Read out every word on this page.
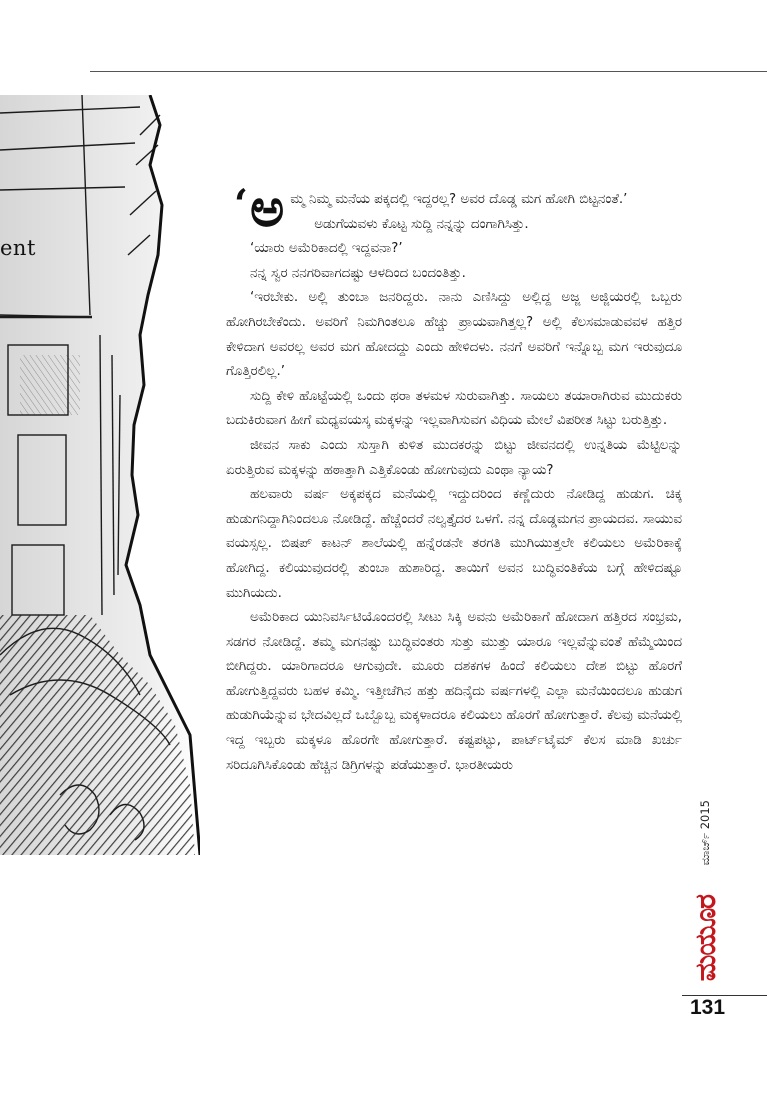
ent

‘ ಅ ಮ್ಮ ನಿಮ್ಮ ಮನೆಯ ಪಕ್ಕದಲ್ಲಿ ಇದ್ದರಲ್ಲ? ಅವರ ದೊಡ್ಡ ಮಗ ಹೋಗಿ ಬಿಟ್ಟನಂತೆ.’

ಅಡುಗೆಯವಳು ಕೊಟ್ಟ ಸುದ್ದಿ ನನ್ನನ್ನು ದಂಗಾಗಿಸಿತ್ತು.

‘ಯಾರು ಅಮೆರಿಕಾದಲ್ಲಿ ಇದ್ದವನಾ?’

ನನ್ನ ಸ್ವರ ನನಗರಿವಾಗದಷ್ಟು ಆಳದಿಂದ ಬಂದಂತಿತ್ತು.

‘ಇರಬೇಕು. ಅಲ್ಲಿ ತುಂಬಾ ಜನರಿದ್ದರು. ನಾನು ಎಣಿಸಿದ್ದು ಅಲ್ಲಿದ್ದ ಅಜ್ಜ ಅಜ್ಜಿಯರಲ್ಲಿ ಒಬ್ಬರು ಹೋಗಿರಬೇಕೆಂದು. ಅವರಿಗೆ ನಿಮಗಿಂತಲೂ ಹೆಚ್ಚು ಪ್ರಾಯವಾಗಿತ್ತಲ್ಲ? ಅಲ್ಲಿ ಕೆಲಸಮಾಡುವವಳ ಹತ್ತಿರ ಕೇಳಿದಾಗ ಅವರಲ್ಲ ಅವರ ಮಗ ಹೋದದ್ದು ಎಂದು ಹೇಳಿದಳು. ನನಗೆ ಅವರಿಗೆ ಇನ್ನೊಬ್ಬ ಮಗ ಇರುವುದೂ ಗೊತ್ತಿರಲಿಲ್ಲ.’

ಸುದ್ದಿ ಕೇಳಿ ಹೊಟ್ಟೆಯಲ್ಲಿ ಒಂದು ಥರಾ ತಳಮಳ ಸುರುವಾಗಿತ್ತು. ಸಾಯಲು ತಯಾರಾಗಿರುವ ಮುದುಕರು ಬದುಕಿರುವಾಗ ಹೀಗೆ ಮಧ್ಯವಯಸ್ಕ ಮಕ್ಕಳನ್ನು ಇಲ್ಲವಾಗಿಸುವಗ ವಿಧಿಯ ಮೇಲೆ ವಿಪರೀತ ಸಿಟ್ಟು ಬರುತ್ತಿತ್ತು.

ಜೀವನ ಸಾಕು ಎಂದು ಸುಸ್ತಾಗಿ ಕುಳಿತ ಮುದಕರನ್ನು ಬಿಟ್ಟು ಜೀವನದಲ್ಲಿ ಉನ್ನತಿಯ ಮೆಟ್ಟಿಲನ್ನು ಏರುತ್ತಿರುವ ಮಕ್ಕಳನ್ನು ಹಠಾತ್ತಾಗಿ ಎತ್ತಿಕೊಂಡು ಹೋಗುವುದು ಎಂಥಾ ನ್ಯಾಯ?

ಹಲವಾರು ವರ್ಷ ಅಕ್ಕಪಕ್ಕದ ಮನೆಯಲ್ಲಿ ಇದ್ದುದರಿಂದ ಕಣ್ಣೆದುರು ನೋಡಿದ್ದ ಹುಡುಗ. ಚಿಕ್ಕ ಹುಡುಗನಿದ್ದಾಗಿನಿಂದಲೂ ನೋಡಿದ್ದೆ. ಹೆಚ್ಚೆಂದರೆ ನಲ್ವತ್ತೈದರ ಒಳಗೆ. ನನ್ನ ದೊಡ್ಡಮಗನ ಪ್ರಾಯದವ. ಸಾಯುವ ವಯಸ್ಸಲ್ಲ. ಬಿಷಪ್ ಕಾಟನ್ ಶಾಲೆಯಲ್ಲಿ ಹನ್ನೆರಡನೇ ತರಗತಿ ಮುಗಿಯುತ್ತಲೇ ಕಲಿಯಲು ಅಮೆರಿಕಾಕ್ಕೆ ಹೋಗಿದ್ದ. ಕಲಿಯುವುದರಲ್ಲಿ ತುಂಬಾ ಹುಶಾರಿದ್ದ. ತಾಯಿಗೆ ಅವನ ಬುದ್ಧಿವಂತಿಕೆಯ ಬಗ್ಗೆ ಹೇಳಿದಷ್ಟೂ ಮುಗಿಯದು.

ಅಮೆರಿಕಾದ ಯುನಿವರ್ಸಿಟಿಯೊಂದರಲ್ಲಿ ಸೀಟು ಸಿಕ್ಕಿ ಅವನು ಅಮೆರಿಕಾಗೆ ಹೋದಾಗ ಹತ್ತಿರದ ಸಂಭ್ರಮ, ಸಡಗರ ನೋಡಿದ್ದೆ. ತಮ್ಮ ಮಗನಷ್ಟು ಬುದ್ಧಿವಂತರು ಸುತ್ತು ಮುತ್ತು ಯಾರೂ ಇಲ್ಲವೆನ್ನುವಂತೆ ಹೆಮ್ಮೆಯಿಂದ ಬೀಗಿದ್ದರು. ಯಾರಿಗಾದರೂ ಆಗುವುದೇ. ಮೂರು ದಶಕಗಳ ಹಿಂದೆ ಕಲಿಯಲು ದೇಶ ಬಿಟ್ಟು ಹೊರಗೆ ಹೋಗುತ್ತಿದ್ದವರು ಬಹಳ ಕಮ್ಮಿ. ಇತ್ತೀಚೆಗಿನ ಹತ್ತು ಹದಿನೈದು ವರ್ಷಗಳಲ್ಲಿ ಎಲ್ಲಾ ಮನೆಯಿಂದಲೂ ಹುಡುಗ ಹುಡುಗಿಯೆನ್ನುವ ಭೇದವಿಲ್ಲದೆ ಒಬ್ಬೊಬ್ಬ ಮಕ್ಕಳಾದರೂ ಕಲಿಯಲು ಹೊರಗೆ ಹೋಗುತ್ತಾರೆ. ಕೆಲವು ಮನೆಯಲ್ಲಿ ಇದ್ದ ಇಬ್ಬರು ಮಕ್ಕಳೂ ಹೊರಗೇ ಹೋಗುತ್ತಾರೆ. ಕಷ್ಟಪಟ್ಟು, ಪಾರ್ಟ್‌ಟೈಮ್ ಕೆಲಸ ಮಾಡಿ ಖರ್ಚು ಸರಿದೂಗಿಸಿಕೊಂಡು ಹೆಚ್ಚಿನ ಡಿಗ್ರಿಗಳನ್ನು ಪಡೆಯುತ್ತಾರೆ. ಭಾರತೀಯರು

ಮಾರ್ಚ್ 2015
ಮಯೂರ
131
